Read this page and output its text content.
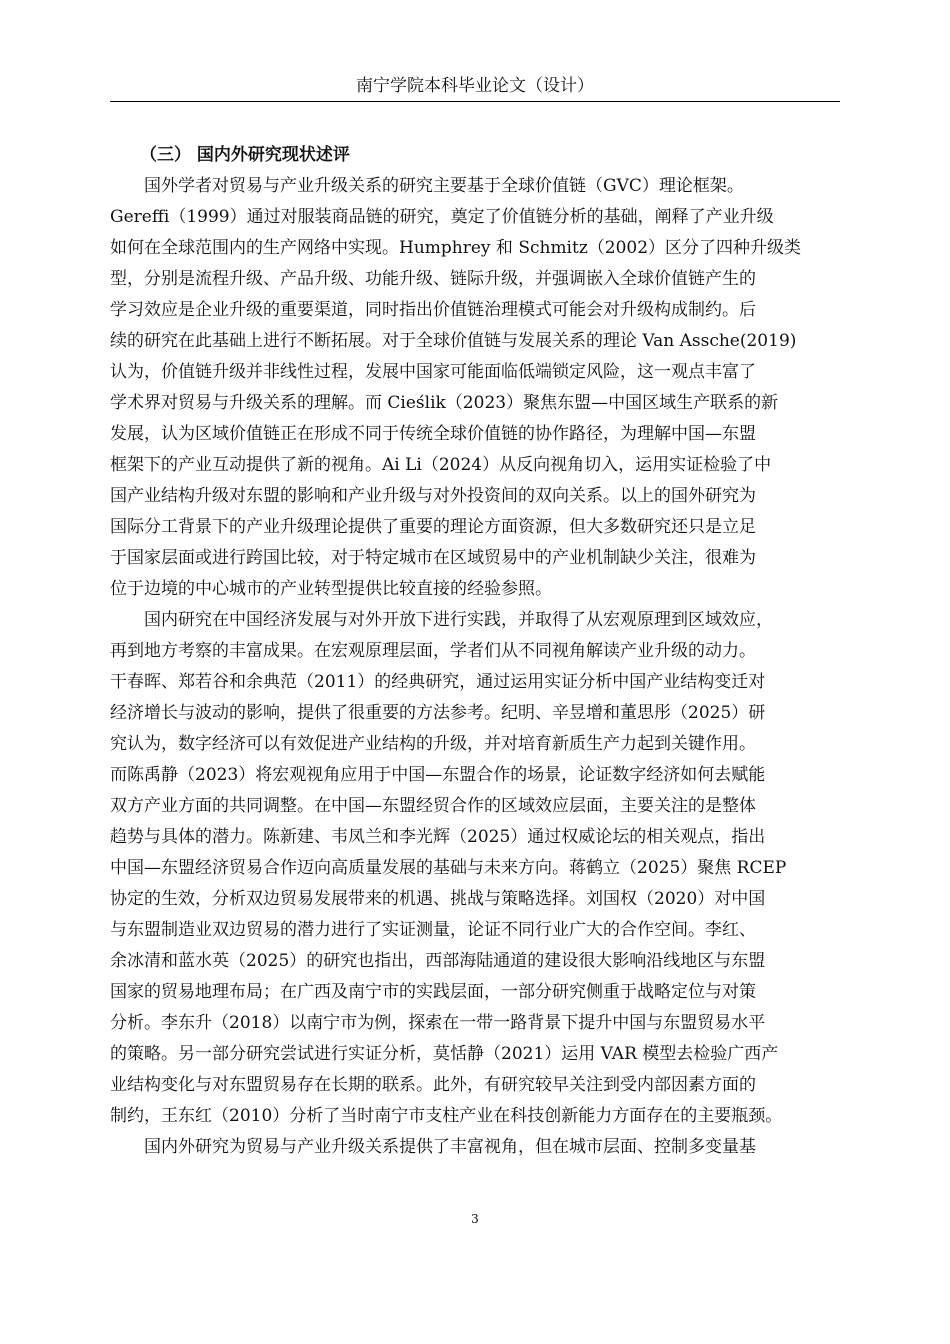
南宁学院本科毕业论文（设计）
（三） 国内外研究现状述评

国外学者对贸易与产业升级关系的研究主要基于全球价值链（GVC）理论框架。

Gereffi（1999）通过对服装商品链的研究，奠定了价值链分析的基础，阐释了产业升级

如何在全球范围内的生产网络中实现。Humphrey 和 Schmitz（2002）区分了四种升级类

型，分别是流程升级、产品升级、功能升级、链际升级，并强调嵌入全球价值链产生的

学习效应是企业升级的重要渠道，同时指出价值链治理模式可能会对升级构成制约。后

续的研究在此基础上进行不断拓展。对于全球价值链与发展关系的理论 Van Assche(2019)

认为，价值链升级并非线性过程，发展中国家可能面临低端锁定风险，这一观点丰富了

学术界对贸易与升级关系的理解。而 Cieślik（2023）聚焦东盟—中国区域生产联系的新

发展，认为区域价值链正在形成不同于传统全球价值链的协作路径，为理解中国—东盟

框架下的产业互动提供了新的视角。Ai Li（2024）从反向视角切入，运用实证检验了中

国产业结构升级对东盟的影响和产业升级与对外投资间的双向关系。以上的国外研究为

国际分工背景下的产业升级理论提供了重要的理论方面资源，但大多数研究还只是立足

于国家层面或进行跨国比较，对于特定城市在区域贸易中的产业机制缺少关注，很难为

位于边境的中心城市的产业转型提供比较直接的经验参照。

国内研究在中国经济发展与对外开放下进行实践，并取得了从宏观原理到区域效应，

再到地方考察的丰富成果。在宏观原理层面，学者们从不同视角解读产业升级的动力。

干春晖、郑若谷和余典范（2011）的经典研究，通过运用实证分析中国产业结构变迁对

经济增长与波动的影响，提供了很重要的方法参考。纪明、辛昱增和董思彤（2025）研

究认为，数字经济可以有效促进产业结构的升级，并对培育新质生产力起到关键作用。

而陈禹静（2023）将宏观视角应用于中国—东盟合作的场景，论证数字经济如何去赋能

双方产业方面的共同调整。在中国—东盟经贸合作的区域效应层面，主要关注的是整体

趋势与具体的潜力。陈新建、韦凤兰和李光辉（2025）通过权威论坛的相关观点，指出

中国—东盟经济贸易合作迈向高质量发展的基础与未来方向。蒋鹤立（2025）聚焦 RCEP

协定的生效，分析双边贸易发展带来的机遇、挑战与策略选择。刘国权（2020）对中国

与东盟制造业双边贸易的潜力进行了实证测量，论证不同行业广大的合作空间。李红、

余冰清和蓝水英（2025）的研究也指出，西部海陆通道的建设很大影响沿线地区与东盟

国家的贸易地理布局；在广西及南宁市的实践层面，一部分研究侧重于战略定位与对策

分析。李东升（2018）以南宁市为例，探索在一带一路背景下提升中国与东盟贸易水平

的策略。另一部分研究尝试进行实证分析，莫恬静（2021）运用 VAR 模型去检验广西产

业结构变化与对东盟贸易存在长期的联系。此外，有研究较早关注到受内部因素方面的

制约，王东红（2010）分析了当时南宁市支柱产业在科技创新能力方面存在的主要瓶颈。

国内外研究为贸易与产业升级关系提供了丰富视角，但在城市层面、控制多变量基

3
